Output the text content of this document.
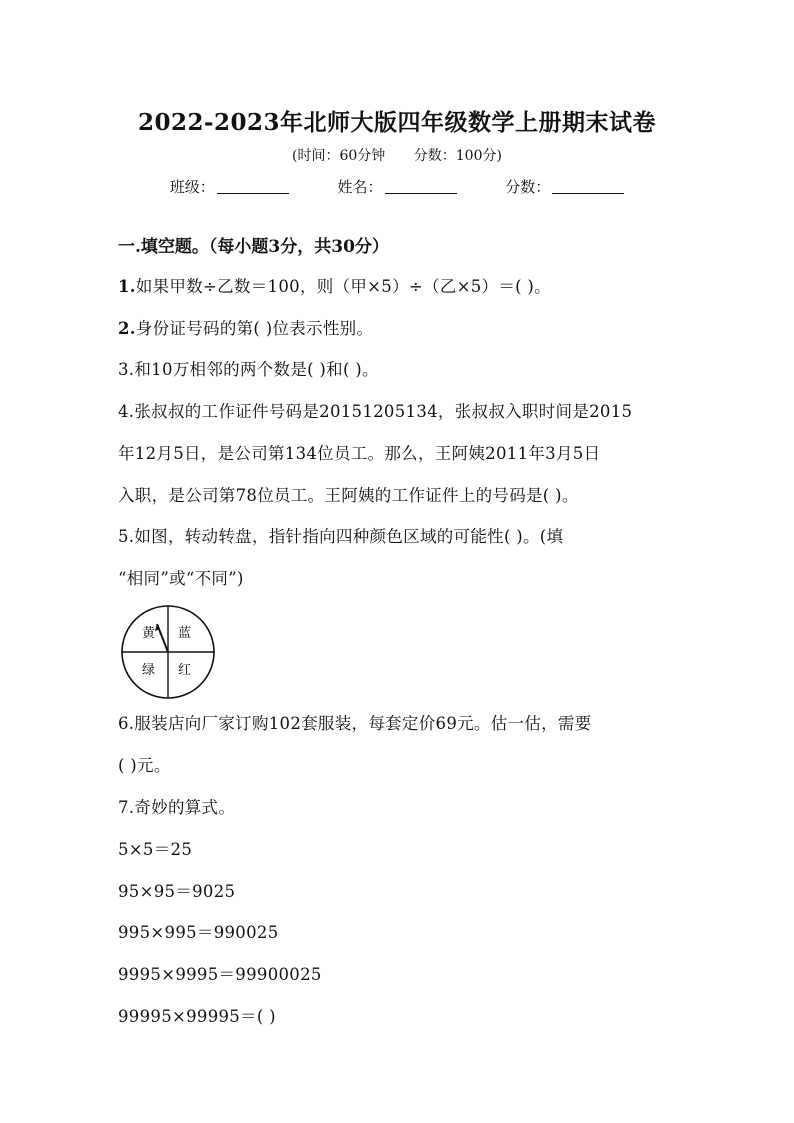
2022-2023年北师大版四年级数学上册期末试卷
(时间：60分钟 分数：100分)
班级：	姓名：	分数：
一.填空题。（每小题3分，共30分）
1.如果甲数÷乙数＝100，则（甲×5）÷（乙×5）＝( )。
2.身份证号码的第( )位表示性别。
3.和10万相邻的两个数是( )和( )。
4.张叔叔的工作证件号码是20151205134，张叔叔入职时间是2015
年12月5日，是公司第134位员工。那么，王阿姨2011年3月5日
入职，是公司第78位员工。王阿姨的工作证件上的号码是( )。
5.如图，转动转盘，指针指向四种颜色区域的可能性( )。(填
“相同”或“不同”)
黄 蓝
绿 红
6.服装店向厂家订购102套服装，每套定价69元。估一估，需要
( )元。
7.奇妙的算式。
5×5＝25
95×95＝9025
995×995＝990025
9995×9995＝99900025
99995×99995＝( )
